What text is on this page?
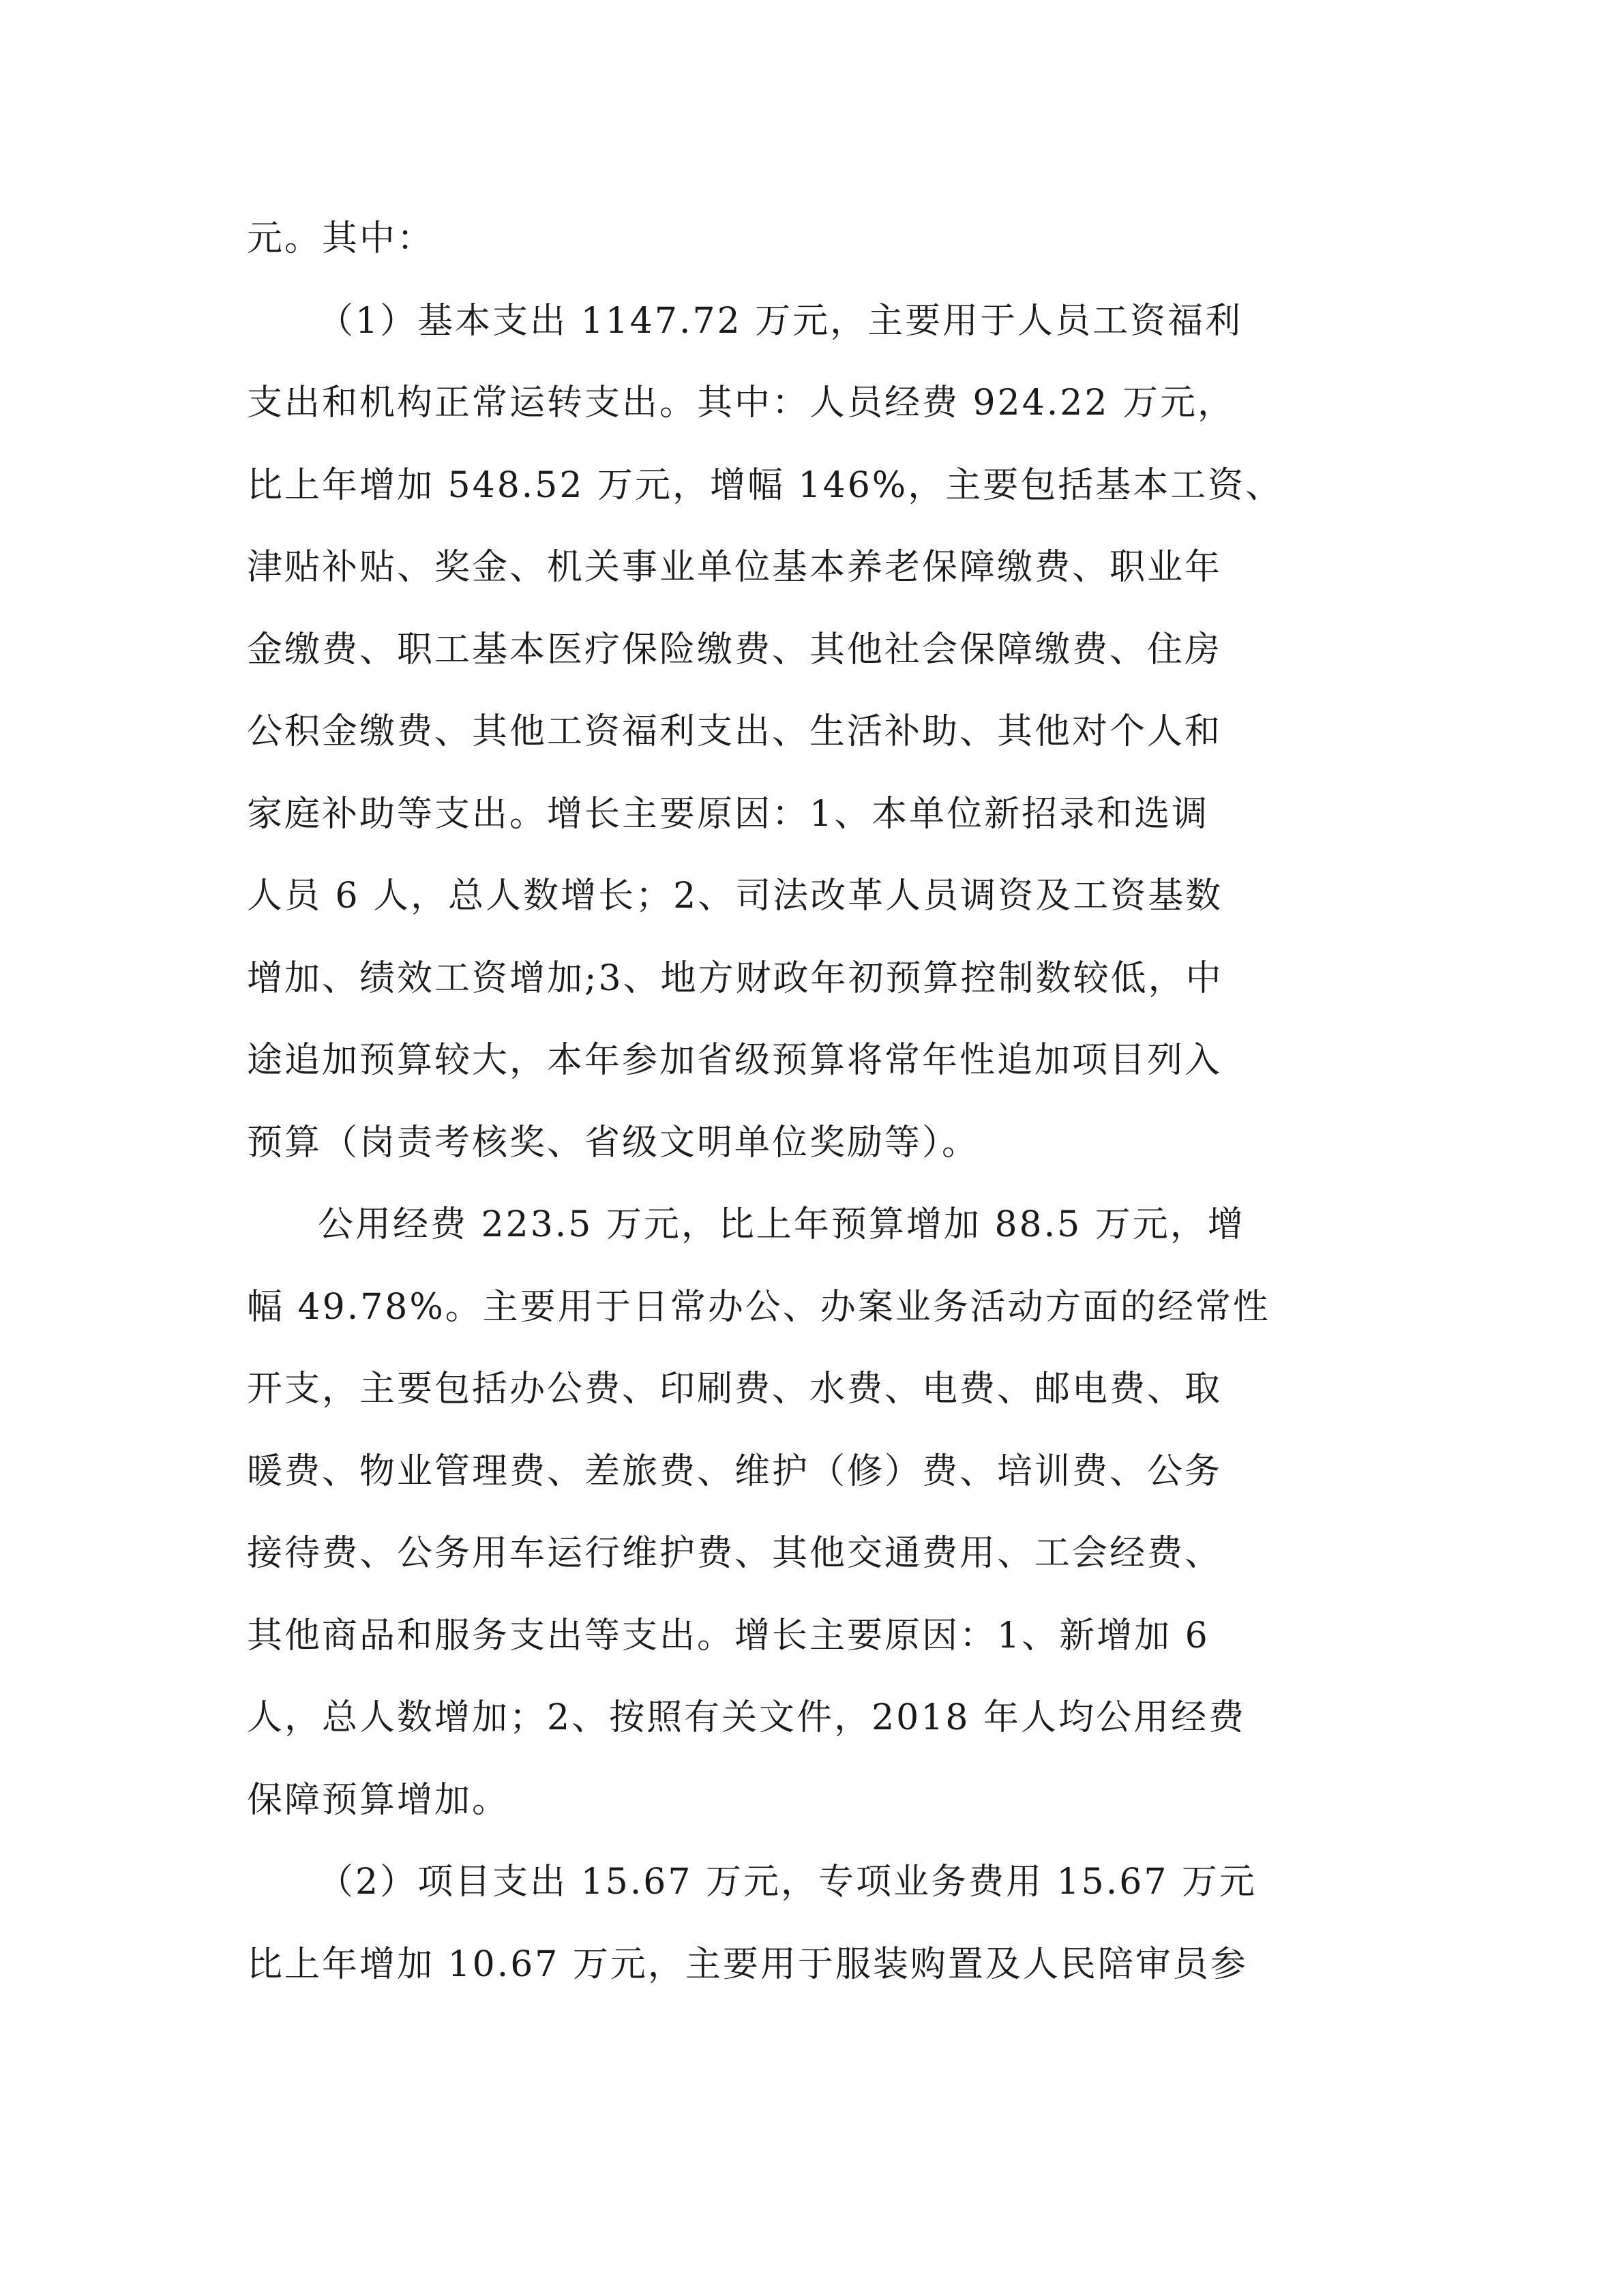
元。其中：
（1）基本支出 1147.72 万元，主要用于人员工资福利
支出和机构正常运转支出。其中：人员经费 924.22 万元，
比上年增加 548.52 万元，增幅 146%，主要包括基本工资、
津贴补贴、奖金、机关事业单位基本养老保障缴费、职业年
金缴费、职工基本医疗保险缴费、其他社会保障缴费、住房
公积金缴费、其他工资福利支出、生活补助、其他对个人和
家庭补助等支出。增长主要原因：1、本单位新招录和选调
人员 6 人，总人数增长；2、司法改革人员调资及工资基数
增加、绩效工资增加;3、地方财政年初预算控制数较低，中
途追加预算较大，本年参加省级预算将常年性追加项目列入
预算（岗责考核奖、省级文明单位奖励等）。
公用经费 223.5 万元，比上年预算增加 88.5 万元，增
幅 49.78%。主要用于日常办公、办案业务活动方面的经常性
开支，主要包括办公费、印刷费、水费、电费、邮电费、取
暖费、物业管理费、差旅费、维护（修）费、培训费、公务
接待费、公务用车运行维护费、其他交通费用、工会经费、
其他商品和服务支出等支出。增长主要原因：1、新增加 6
人，总人数增加；2、按照有关文件，2018 年人均公用经费
保障预算增加。
（2）项目支出 15.67 万元，专项业务费用 15.67 万元
比上年增加 10.67 万元，主要用于服装购置及人民陪审员参
